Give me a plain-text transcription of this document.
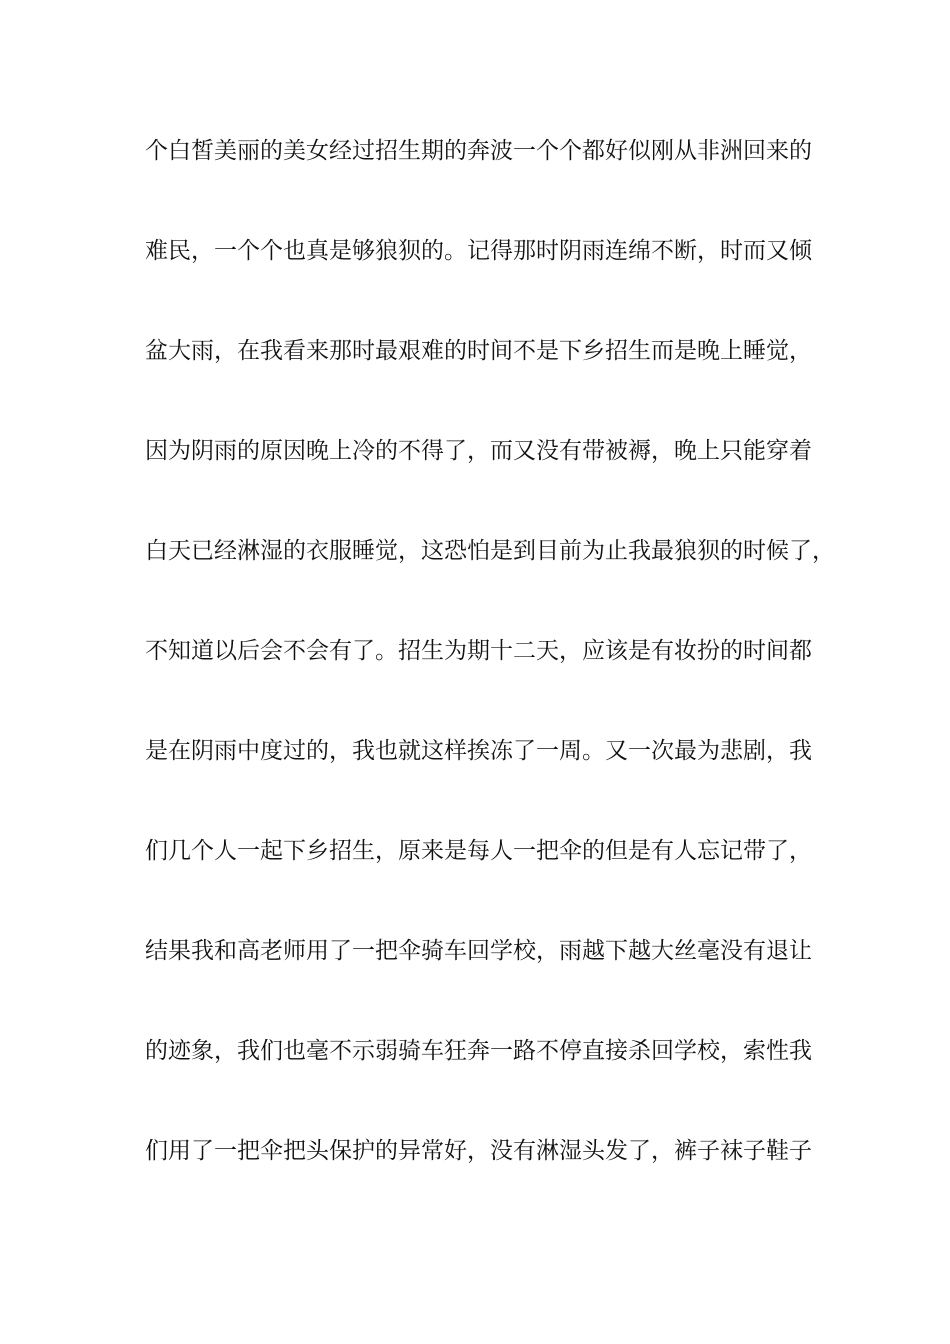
个白皙美丽的美女经过招生期的奔波一个个都好似刚从非洲回来的
难民，一个个也真是够狼狈的。记得那时阴雨连绵不断，时而又倾
盆大雨，在我看来那时最艰难的时间不是下乡招生而是晚上睡觉，
因为阴雨的原因晚上冷的不得了，而又没有带被褥，晚上只能穿着
白天已经淋湿的衣服睡觉，这恐怕是到目前为止我最狼狈的时候了，
不知道以后会不会有了。招生为期十二天，应该是有妆扮的时间都
是在阴雨中度过的，我也就这样挨冻了一周。又一次最为悲剧，我
们几个人一起下乡招生，原来是每人一把伞的但是有人忘记带了，
结果我和高老师用了一把伞骑车回学校，雨越下越大丝毫没有退让
的迹象，我们也毫不示弱骑车狂奔一路不停直接杀回学校，索性我
们用了一把伞把头保护的异常好，没有淋湿头发了，裤子袜子鞋子
